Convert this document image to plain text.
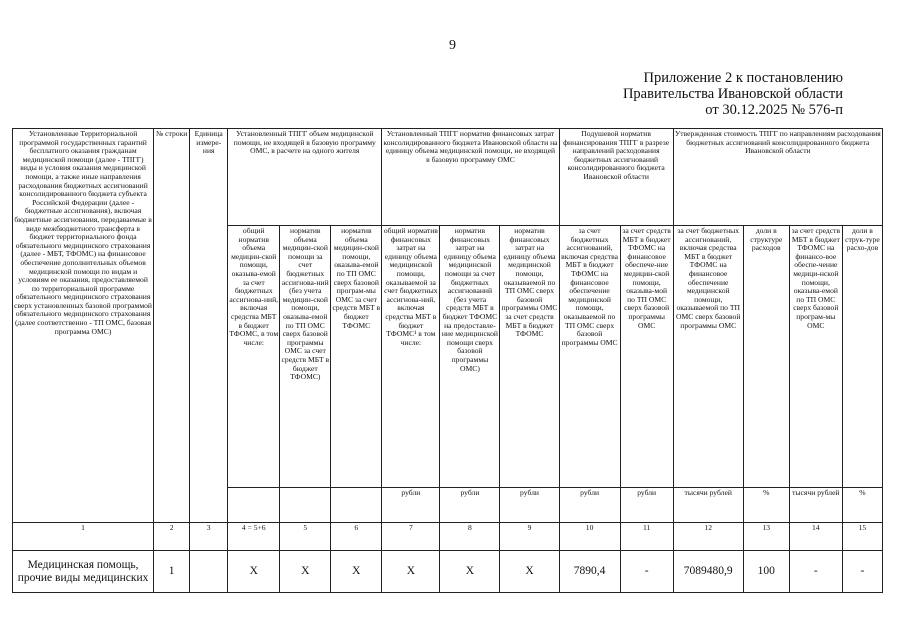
9
Приложение 2 к постановлению
Правительства Ивановской области
от 30.12.2025 № 576-п
Установленные Территориальной программой государственных гарантий бесплатного оказания гражданам медицинской помощи (далее - ТПГГ) виды и условия оказания медицинской помощи, а также иные направления расходования бюджетных ассигнований консолидированного бюджета субъекта Российской Федерации (далее - бюджетные ассигнования), включая бюджетные ассигнования, передаваемые в виде межбюджетного трансферта в бюджет территориального фонда обязательного медицинского страхования (далее - МБТ, ТФОМС) на финансовое обеспечение дополнительных объемов медицинской помощи по видам и условиям ее оказания, предоставляемой по территориальной программе обязательного медицинского страхования сверх установленных базовой программой обязательного медицинского страхования (далее соответственно - ТП ОМС, базовая программа ОМС)	№ строки	Единица измере-ния	Установленный ТПГГ объем медицинской помощи, не входящей в базовую программу ОМС, в расчете на одного жителя			Установленный ТПГГ норматив финансовых затрат консолидированного бюджета Ивановской области на единицу объема медицинской помощи, не входящей в базовую программу ОМС			Подушевой норматив финансирования ТПГГ в разрезе направлений расходования бюджетных ассигнований консолидированного бюджета Ивановской области		Утвержденная стоимость ТПГГ по направлениям расходования бюджетных ассигнований консолидированного бюджета Ивановской области			
			общий норматив объема медицин-ской помощи, оказыва-емой за счет бюджетных ассигнова-ний, включая средства МБТ в бюджет ТФОМС, в том числе:	норматив объема медицин-ской помощи за счет бюджетных ассигнова-ний (без учета медицин-ской помощи, оказыва-емой по ТП ОМС сверх базовой программы ОМС за счет средств МБТ в бюджет ТФОМС)	норматив объема медицин-ской помощи, оказыва-емой по ТП ОМС сверх базовой програм-мы ОМС за счет средств МБТ в бюджет ТФОМС	общий норматив финансовых затрат на единицу объема медицинской помощи, оказываемой за счет бюджетных ассигнова-ний, включая средства МБТ в бюджет ТФОМС¹ в том числе:	норматив финансовых затрат на единицу объема медицинской помощи за счет бюджетных ассигнований (без учета средств МБТ в бюджет ТФОМС на предоставле-ние медицинской помощи сверх базовой программы ОМС)	норматив финансовых затрат на единицу объема медицинской помощи, оказываемой по ТП ОМС сверх базовой программы ОМС за счет средств МБТ в бюджет ТФОМС	за счет бюджетных ассигнований, включая средства МБТ в бюджет ТФОМС на финансовое обеспечение медицинской помощи, оказываемой по ТП ОМС сверх базовой программы ОМС	за счет средств МБТ в бюджет ТФОМС на финансовое обеспече-ние медицин-ской помощи, оказыва-мой по ТП ОМС сверх базовой программы ОМС	за счет бюджетных ассигнований, включая средства МБТ в бюджет ТФОМС на финансовое обеспечение медицинской помощи, оказываемой по ТП ОМС сверх базовой программы ОМС	доли в структуре расходов	за счет средств МБТ в бюджет ТФОМС на финансо-вое обеспе-чение медици-нской помощи, оказыва-емой по ТП ОМС сверх базовой програм-мы ОМС	доли в струк-туре расхо-дов
						рубли	рубли	рубли	рубли	рубли	тысячи рублей	%	тысячи рублей	%
1	2	3	4 = 5+6	5	6	7	8	9	10	11	12	13	14	15
Медицинская помощь, прочие виды медицинских	1		X	X	X	X	X	X	7890,4	-	7089480,9	100	-	-
